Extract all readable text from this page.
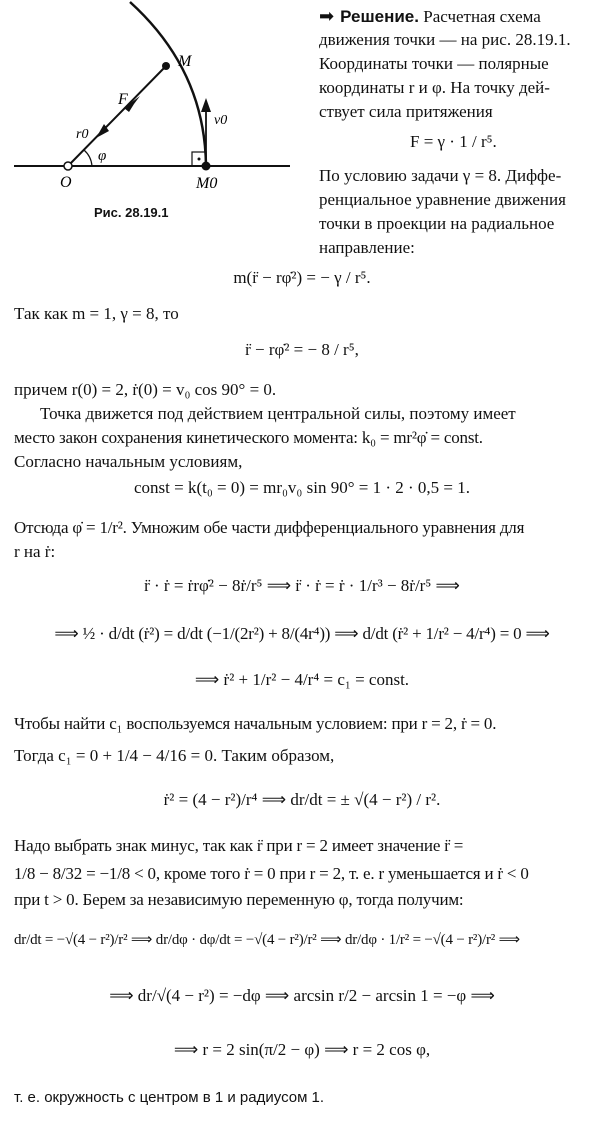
O
M
M0
F
r0
φ
v0
Рис. 28.19.1
➡ Решение. Расчетная схема
движения точки — на рис. 28.19.1.
Координаты точки — полярные
координаты r и φ. На точку дей-
ствует сила притяжения
F = γ · 1 / r⁵.
По условию задачи γ = 8. Диффе-
ренциальное уравнение движения
точки в проекции на радиальное
направление:
m(r̈ − rφ̇²) = − γ / r⁵.
Так как m = 1, γ = 8, то
r̈ − rφ̇² = − 8 / r⁵,
причем r(0) = 2, ṙ(0) = v₀ cos 90° = 0.
Точка движется под действием центральной силы, поэтому имеет
место закон сохранения кинетического момента: k₀ = mr²φ̇ = const.
Согласно начальным условиям,
const = k(t₀ = 0) = mr₀v₀ sin 90° = 1 · 2 · 0,5 = 1.
Отсюда φ̇ = 1/r². Умножим обе части дифференциального уравнения для
r на ṙ:
r̈ · ṙ = ṙrφ̇² − 8ṙ/r⁵ ⟹ r̈ · ṙ = ṙ · 1/r³ − 8ṙ/r⁵ ⟹
⟹ ½ · d/dt (ṙ²) = d/dt (−1/(2r²) + 8/(4r⁴)) ⟹ d/dt (ṙ² + 1/r² − 4/r⁴) = 0 ⟹
⟹ ṙ² + 1/r² − 4/r⁴ = c₁ = const.
Чтобы найти c₁ воспользуемся начальным условием: при r = 2, ṙ = 0.
Тогда c₁ = 0 + 1/4 − 4/16 = 0. Таким образом,
ṙ² = (4 − r²)/r⁴ ⟹ dr/dt = ± √(4 − r²) / r².
Надо выбрать знак минус, так как r̈ при r = 2 имеет значение r̈ =
1/8 − 8/32 = −1/8 < 0, кроме того ṙ = 0 при r = 2, т. е. r уменьшается и ṙ < 0
при t > 0. Берем за независимую переменную φ, тогда получим:
dr/dt = −√(4 − r²)/r² ⟹ dr/dφ · dφ/dt = −√(4 − r²)/r² ⟹ dr/dφ · 1/r² = −√(4 − r²)/r² ⟹
⟹ dr/√(4 − r²) = −dφ ⟹ arcsin r/2 − arcsin 1 = −φ ⟹
⟹ r = 2 sin(π/2 − φ) ⟹ r = 2 cos φ,
т. е. окружность с центром в 1 и радиусом 1.
